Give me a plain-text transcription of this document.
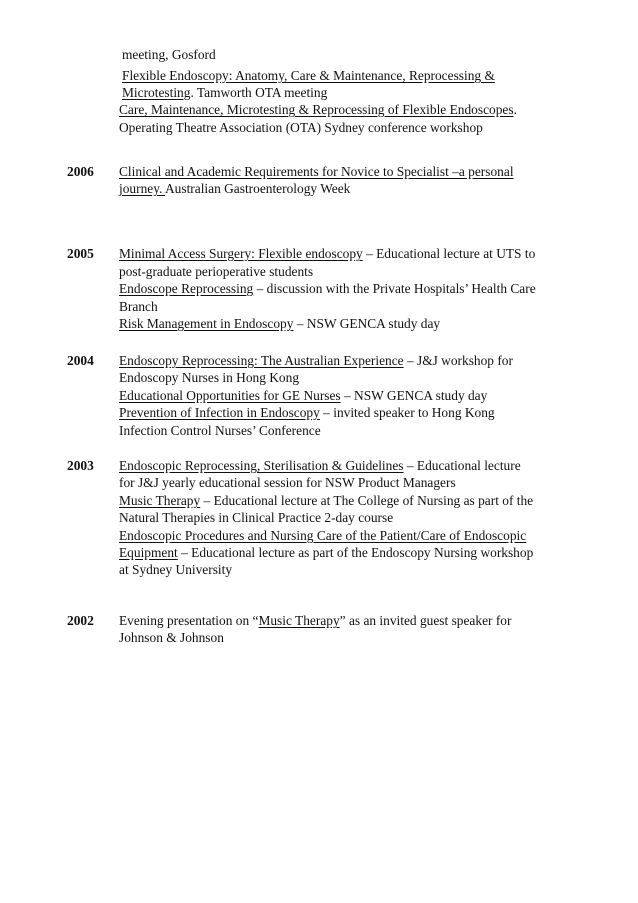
meeting, Gosford
Flexible Endoscopy: Anatomy, Care & Maintenance, Reprocessing &
Microtesting. Tamworth OTA meeting
Care, Maintenance, Microtesting & Reprocessing of Flexible Endoscopes.
Operating Theatre Association (OTA) Sydney conference workshop
2006 Clinical and Academic Requirements for Novice to Specialist –a personal
journey. Australian Gastroenterology Week
2005 Minimal Access Surgery: Flexible endoscopy – Educational lecture at UTS to
post-graduate perioperative students
Endoscope Reprocessing – discussion with the Private Hospitals’ Health Care
Branch
Risk Management in Endoscopy – NSW GENCA study day
2004 Endoscopy Reprocessing: The Australian Experience – J&J workshop for
Endoscopy Nurses in Hong Kong
Educational Opportunities for GE Nurses – NSW GENCA study day
Prevention of Infection in Endoscopy – invited speaker to Hong Kong
Infection Control Nurses’ Conference
2003 Endoscopic Reprocessing, Sterilisation & Guidelines – Educational lecture
for J&J yearly educational session for NSW Product Managers
Music Therapy – Educational lecture at The College of Nursing as part of the
Natural Therapies in Clinical Practice 2-day course
Endoscopic Procedures and Nursing Care of the Patient/Care of Endoscopic
Equipment – Educational lecture as part of the Endoscopy Nursing workshop
at Sydney University
2002 Evening presentation on “Music Therapy” as an invited guest speaker for
Johnson & Johnson
